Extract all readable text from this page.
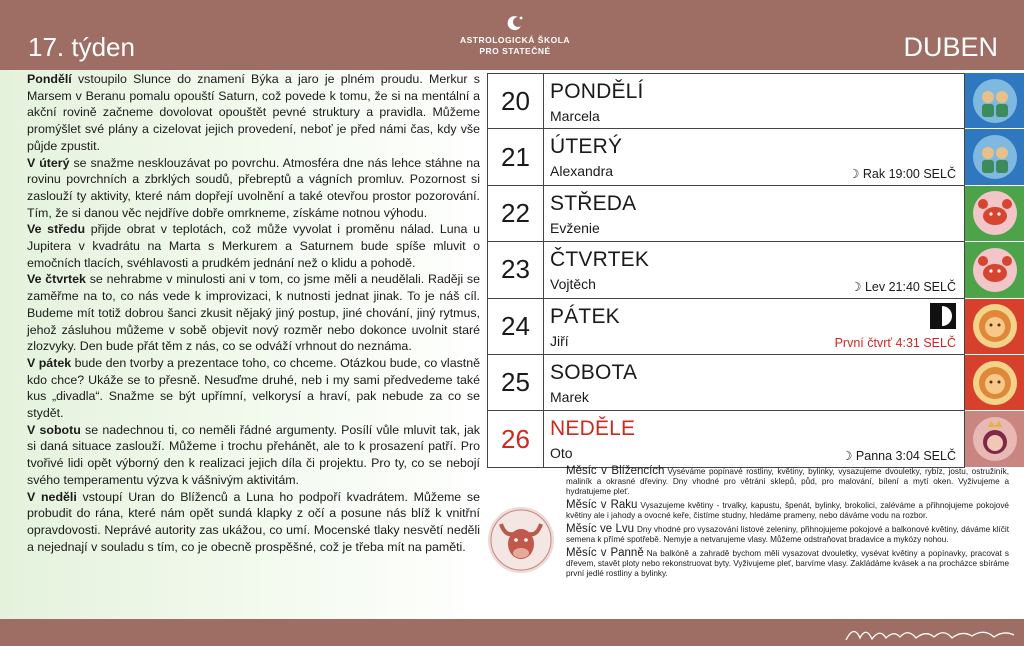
17. týden	ASTROLOGICKÁ ŠKOLA
PRO STATEČNÉ	DUBEN

Pondělí vstoupilo Slunce do znamení Býka a jaro je plném proudu. Merkur s Marsem v Beranu pomalu opouští Saturn, což povede k tomu, že si na mentální a akční rovině začneme dovolovat opouštět pevné struktury a pravidla. Můžeme promýšlet své plány a cizelovat jejich provedení, neboť je před námi čas, kdy vše půjde zpustit.

V úterý se snažme nesklouzávat po povrchu. Atmosféra dne nás lehce stáhne na rovinu povrchních a zbrklých soudů, přebreptů a vágních promluv. Pozornost si zaslouží ty aktivity, které nám dopřejí uvolnění a také otevřou prostor pozorování. Tím, že si danou věc nejdříve dobře omrkneme, získáme notnou výhodu.

Ve středu přijde obrat v teplotách, což může vyvolat i proměnu nálad. Luna u Jupitera v kvadrátu na Marta s Merkurem a Saturnem bude spíše mluvit o emočních tlacích, svéhlavosti a prudkém jednání než o klidu a pohodě.

Ve čtvrtek se nehrabme v minulosti ani v tom, co jsme měli a neudělali. Raději se zaměřme na to, co nás vede k improvizaci, k nutnosti jednat jinak. To je náš cíl. Budeme mít totiž dobrou šanci zkusit nějaký jiný postup, jiné chování, jiný rytmus, jehož zásluhou můžeme v sobě objevit nový rozměr nebo dokonce uvolnit staré zlozvyky. Den bude přát těm z nás, co se odváží vrhnout do neznáma.

V pátek bude den tvorby a prezentace toho, co chceme. Otázkou bude, co vlastně kdo chce? Ukáže se to přesně. Nesuďme druhé, neb i my sami předvedeme také kus „divadla“. Snažme se být upřímní, velkorysí a hraví, pak nebude za co se stydět.

V sobotu se nadechnou ti, co neměli řádné argumenty. Posílí vůle mluvit tak, jak si daná situace zaslouží. Můžeme i trochu přehánět, ale to k prosazení patří. Pro tvořivé lidi opět výborný den k realizaci jejich díla či projektu. Pro ty, co se nebojí svého temperamentu výzva k vášnivým aktivitám.

V neděli vstoupí Uran do Blíženců a Luna ho podpoří kvadrátem. Můžeme se probudit do rána, které nám opět sundá klapky z očí a posune nás blíž k vnitřní opravdovosti. Neprávé autority zas ukážou, co umí. Mocenské tlaky nesvětí neděli a nejednají v souladu s tím, co je obecně prospěšné, což je třeba mít na paměti.

20 PONDĚLÍ
Marcela
21 ÚTERÝ
Alexandra	☽ Rak 19:00 SELČ
22 STŘEDA
Evženie
23 ČTVRTEK
Vojtěch	☽ Lev 21:40 SELČ
24 PÁTEK
Jiří	První čtvrť 4:31 SELČ
25 SOBOTA
Marek
26 NEDĚLE
Oto	☽ Panna 3:04 SELČ

Měsíc v Blížencích Vyséváme popínavé rostliny, květiny, bylinky, vysazujeme dvouletky, rybíz, jostu, ostružiník, maliník a okrasné dřeviny. Dny vhodné pro větrání sklepů, půd, pro malování, bílení a mytí oken. Vyživujeme a hydratujeme pleť.

Měsíc v Raku Vysazujeme květiny - trvalky, kapustu, špenát, bylinky, brokolici, zaléváme a přihnojujeme pokojové květiny ale i jahody a ovocné keře, čistíme studny, hledáme prameny, nebo dáváme vodu na rozbor.

Měsíc ve Lvu Dny vhodné pro vysazování listové zeleniny, přihnojujeme pokojové a balkonové květiny, dáváme klíčit semena k přímé spotřebě. Nemyje a netvarujeme vlasy. Můžeme odstraňovat bradavice a mykózy nohou.

Měsíc v Panně Na balkóně a zahradě bychom měli vysazovat dvouletky, vysévat květiny a popínavky, pracovat s dřevem, stavět ploty nebo rekonstruovat byty. Vyživujeme pleť, barvíme vlasy. Zakládáme kvásek a na procházce sbíráme první jedlé rostliny a bylinky.
